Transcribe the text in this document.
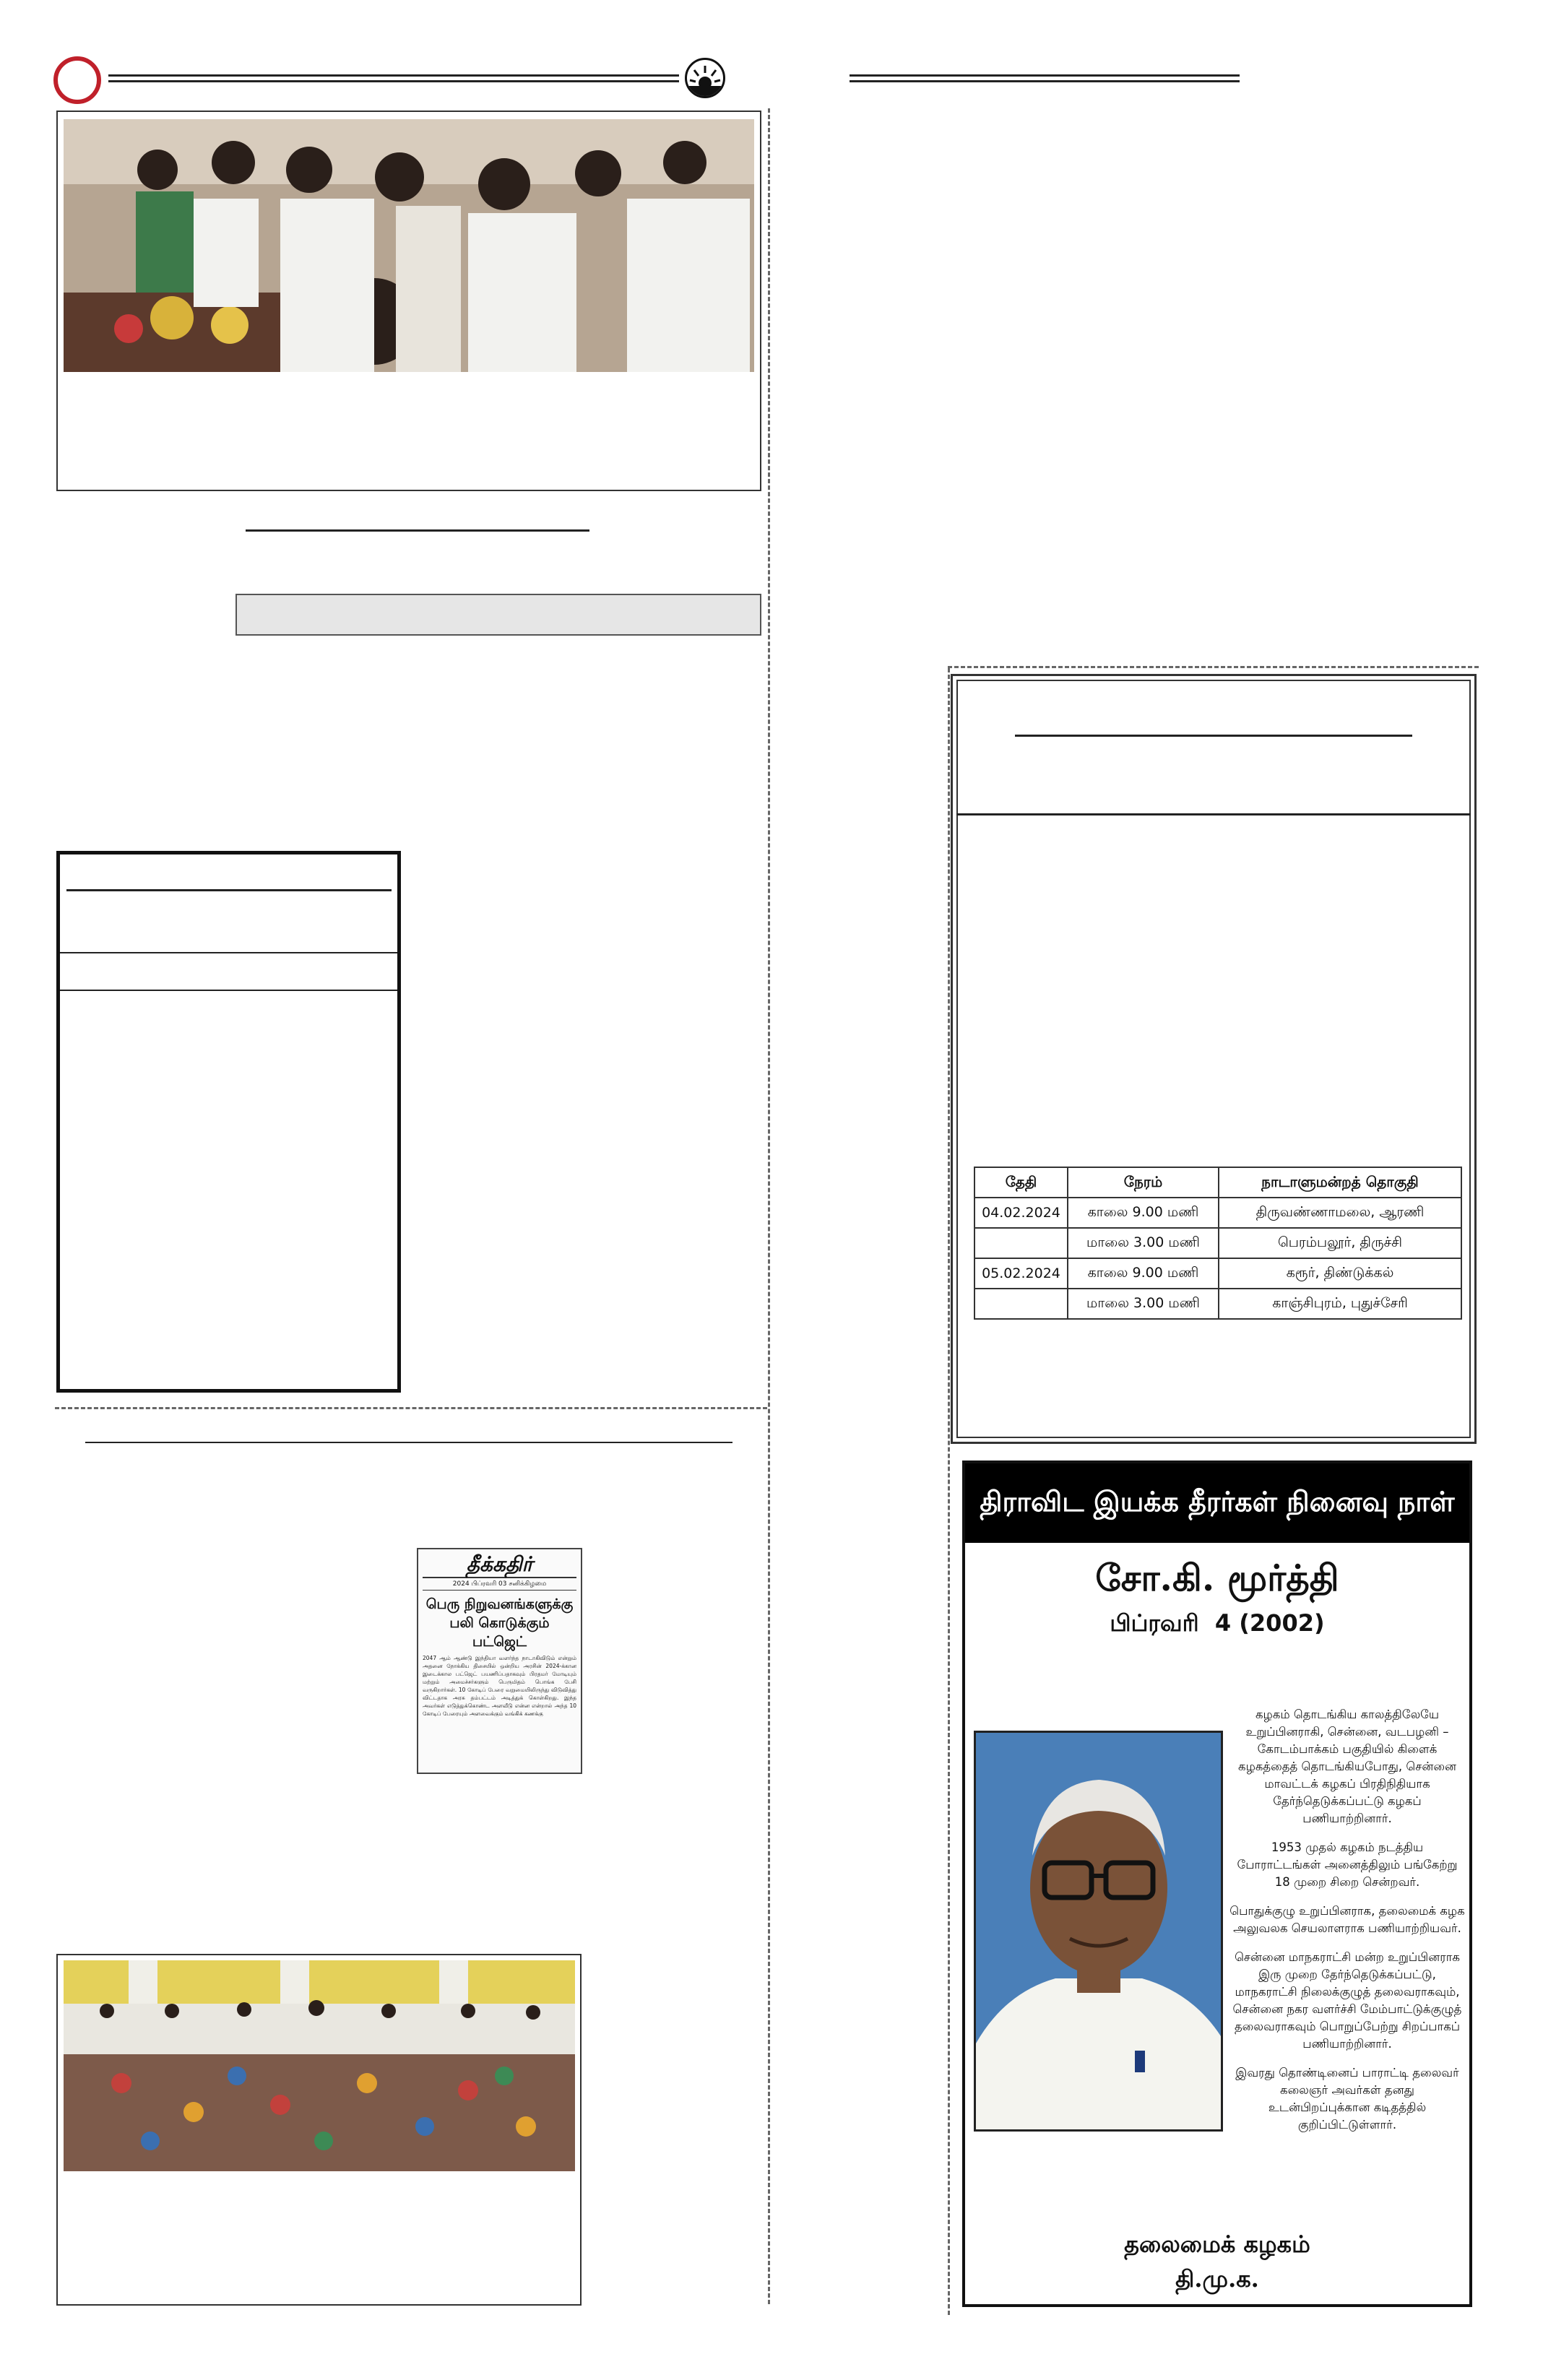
தீக்கதிர்
2024 பிப்ரவரி 03 சனிக்கிழமை
பெரு நிறுவனங்களுக்கு பலி கொடுக்கும் பட்ஜெட்
2047 ஆம் ஆண்டு இந்தியா வளர்ந்த நாடாகிவிடும் என்றும் அதனை நோக்கிய திசையில் ஒன்றிய அரசின் 2024-க்கான இடைக்கால பட்ஜெட் பயணிப்பதாகவும் பிரதமர் மோடியும் மற்றும் அமைச்சர்களும் பெருமிதம் பொங்க பேசி வருகிறார்கள். 10 கோடிப் பேரை வறுமையிலிருந்து விடுவித்து விட்டதாக அரசு தம்பட்டம் அடித்துக் கொள்கிறது. இந்த அவர்கள் எடுத்துக்கொண்ட அளவீடு என்ன என்றால் அந்த 10 கோடிப் பேரையும் அளவைக்கும் வங்கிக் கணக்கு
தேதி	நேரம்	நாடாளுமன்றத் தொகுதி
04.02.2024	காலை 9.00 மணி	திருவண்ணாமலை, ஆரணி
	மாலை 3.00 மணி	பெரம்பலூர், திருச்சி
05.02.2024	காலை 9.00 மணி	கரூர், திண்டுக்கல்
	மாலை 3.00 மணி	காஞ்சிபுரம், புதுச்சேரி
திராவிட இயக்க தீரர்கள் நினைவு நாள்
சோ.கி. மூர்த்தி
பிப்ரவரி  4 (2002)

கழகம் தொடங்கிய காலத்திலேயே உறுப்பினராகி, சென்னை, வடபழனி – கோடம்பாக்கம் பகுதியில் கிளைக் கழகத்தைத் தொடங்கியபோது, சென்னை மாவட்டக் கழகப் பிரதிநிதியாக தேர்ந்தெடுக்கப்பட்டு கழகப் பணியாற்றினார்.

1953 முதல் கழகம் நடத்திய போராட்டங்கள் அனைத்திலும் பங்கேற்று 18 முறை சிறை சென்றவர்.

பொதுக்குழு உறுப்பினராக, தலைமைக் கழக அலுவலக செயலாளராக பணியாற்றியவர்.

சென்னை மாநகராட்சி மன்ற உறுப்பினராக இரு முறை தேர்ந்தெடுக்கப்பட்டு, மாநகராட்சி நிலைக்குழுத் தலைவராகவும், சென்னை நகர வளர்ச்சி மேம்பாட்டுக்குழுத் தலைவராகவும் பொறுப்பேற்று சிறப்பாகப் பணியாற்றினார்.

இவரது தொண்டினைப் பாராட்டி தலைவர் கலைஞர் அவர்கள் தனது உடன்பிறப்புக்கான கடிதத்தில் குறிப்பிட்டுள்ளார்.

தலைமைக் கழகம்
தி.மு.க.
